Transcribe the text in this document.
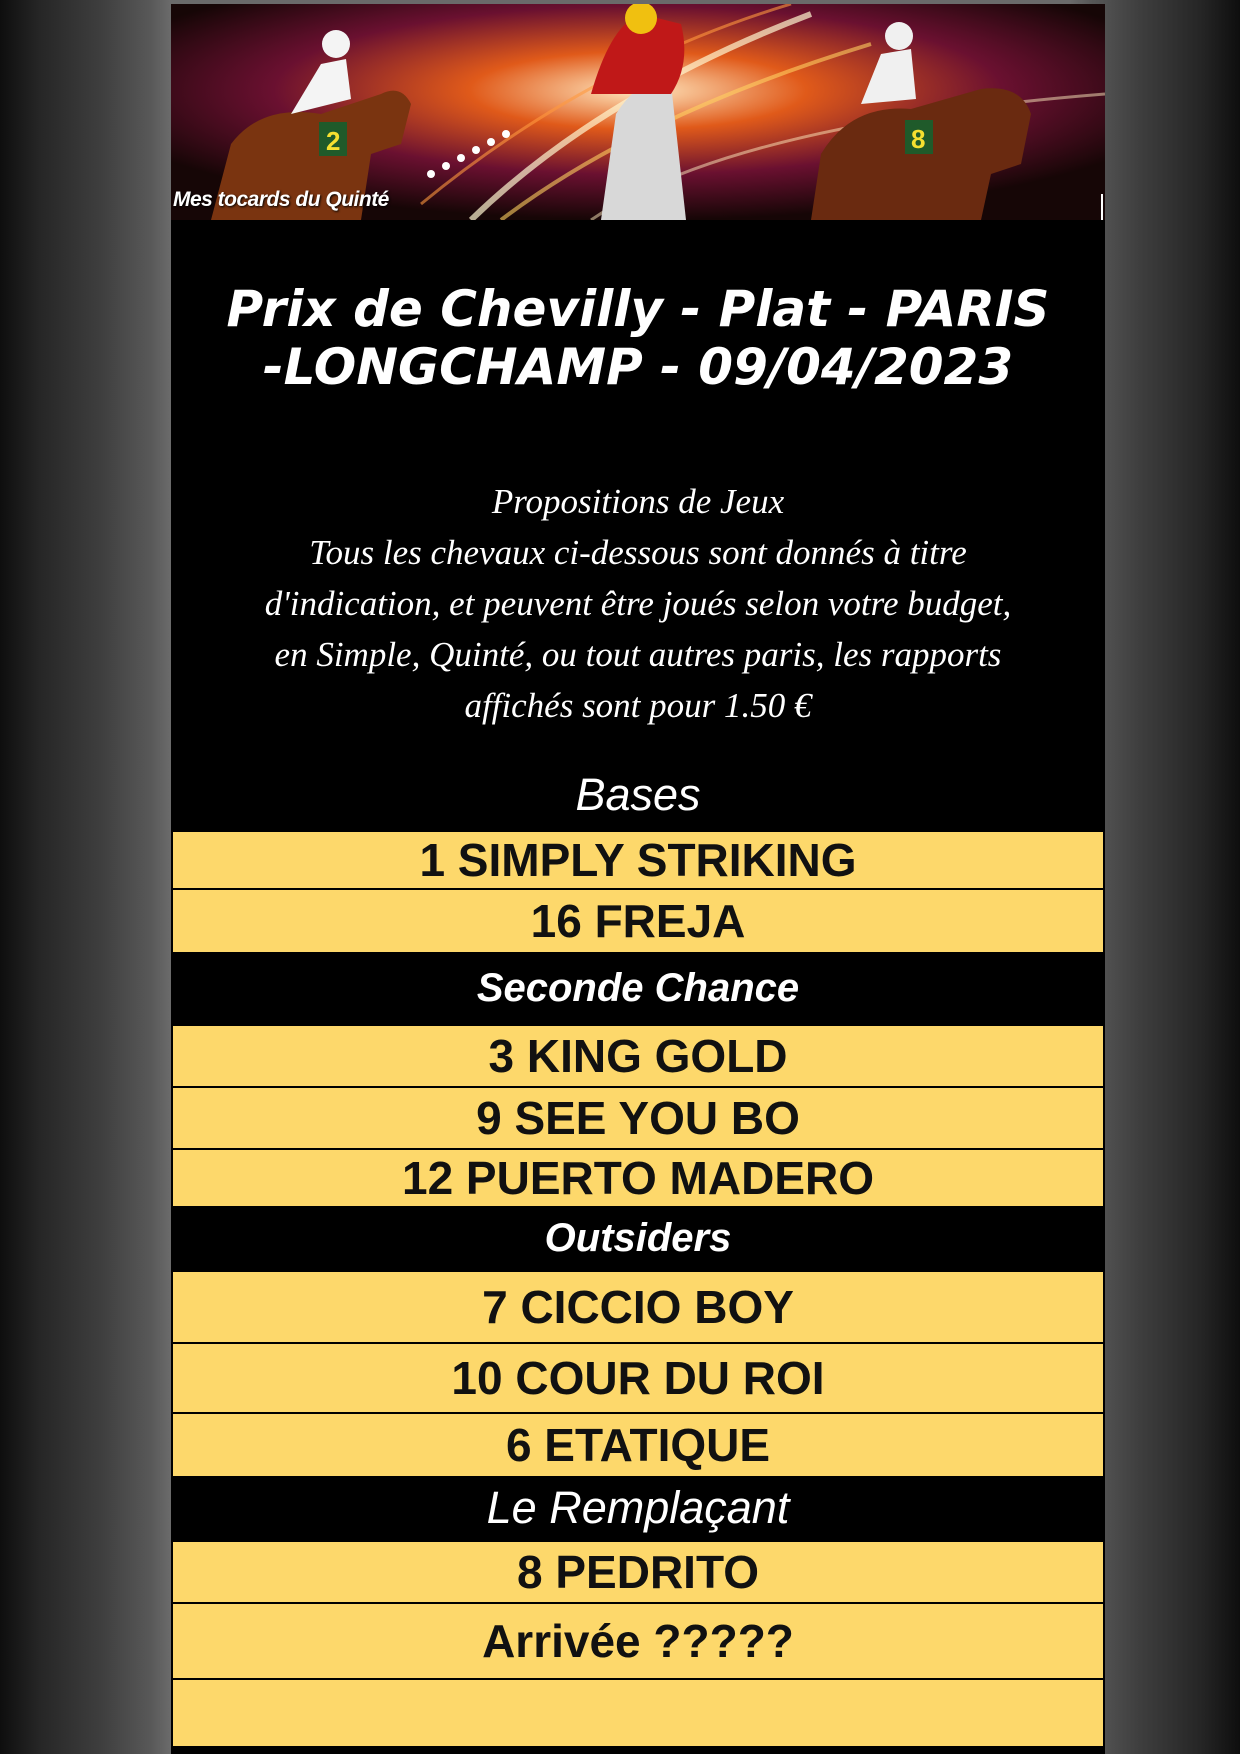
2	8
Mes tocards du Quinté
Prix de Chevilly - Plat - PARIS
-LONGCHAMP - 09/04/2023
Propositions de Jeux
Tous les chevaux ci-dessous sont donnés à titre
d'indication, et peuvent être joués selon votre budget,
en Simple, Quinté, ou tout autres paris, les rapports
affichés sont pour 1.50 €
Bases
1 SIMPLY STRIKING
16 FREJA
Seconde Chance
3 KING GOLD
9 SEE YOU BO
12 PUERTO MADERO
Outsiders
7 CICCIO BOY
10 COUR DU ROI
6 ETATIQUE
Le Remplaçant
8 PEDRITO
Arrivée ?????
